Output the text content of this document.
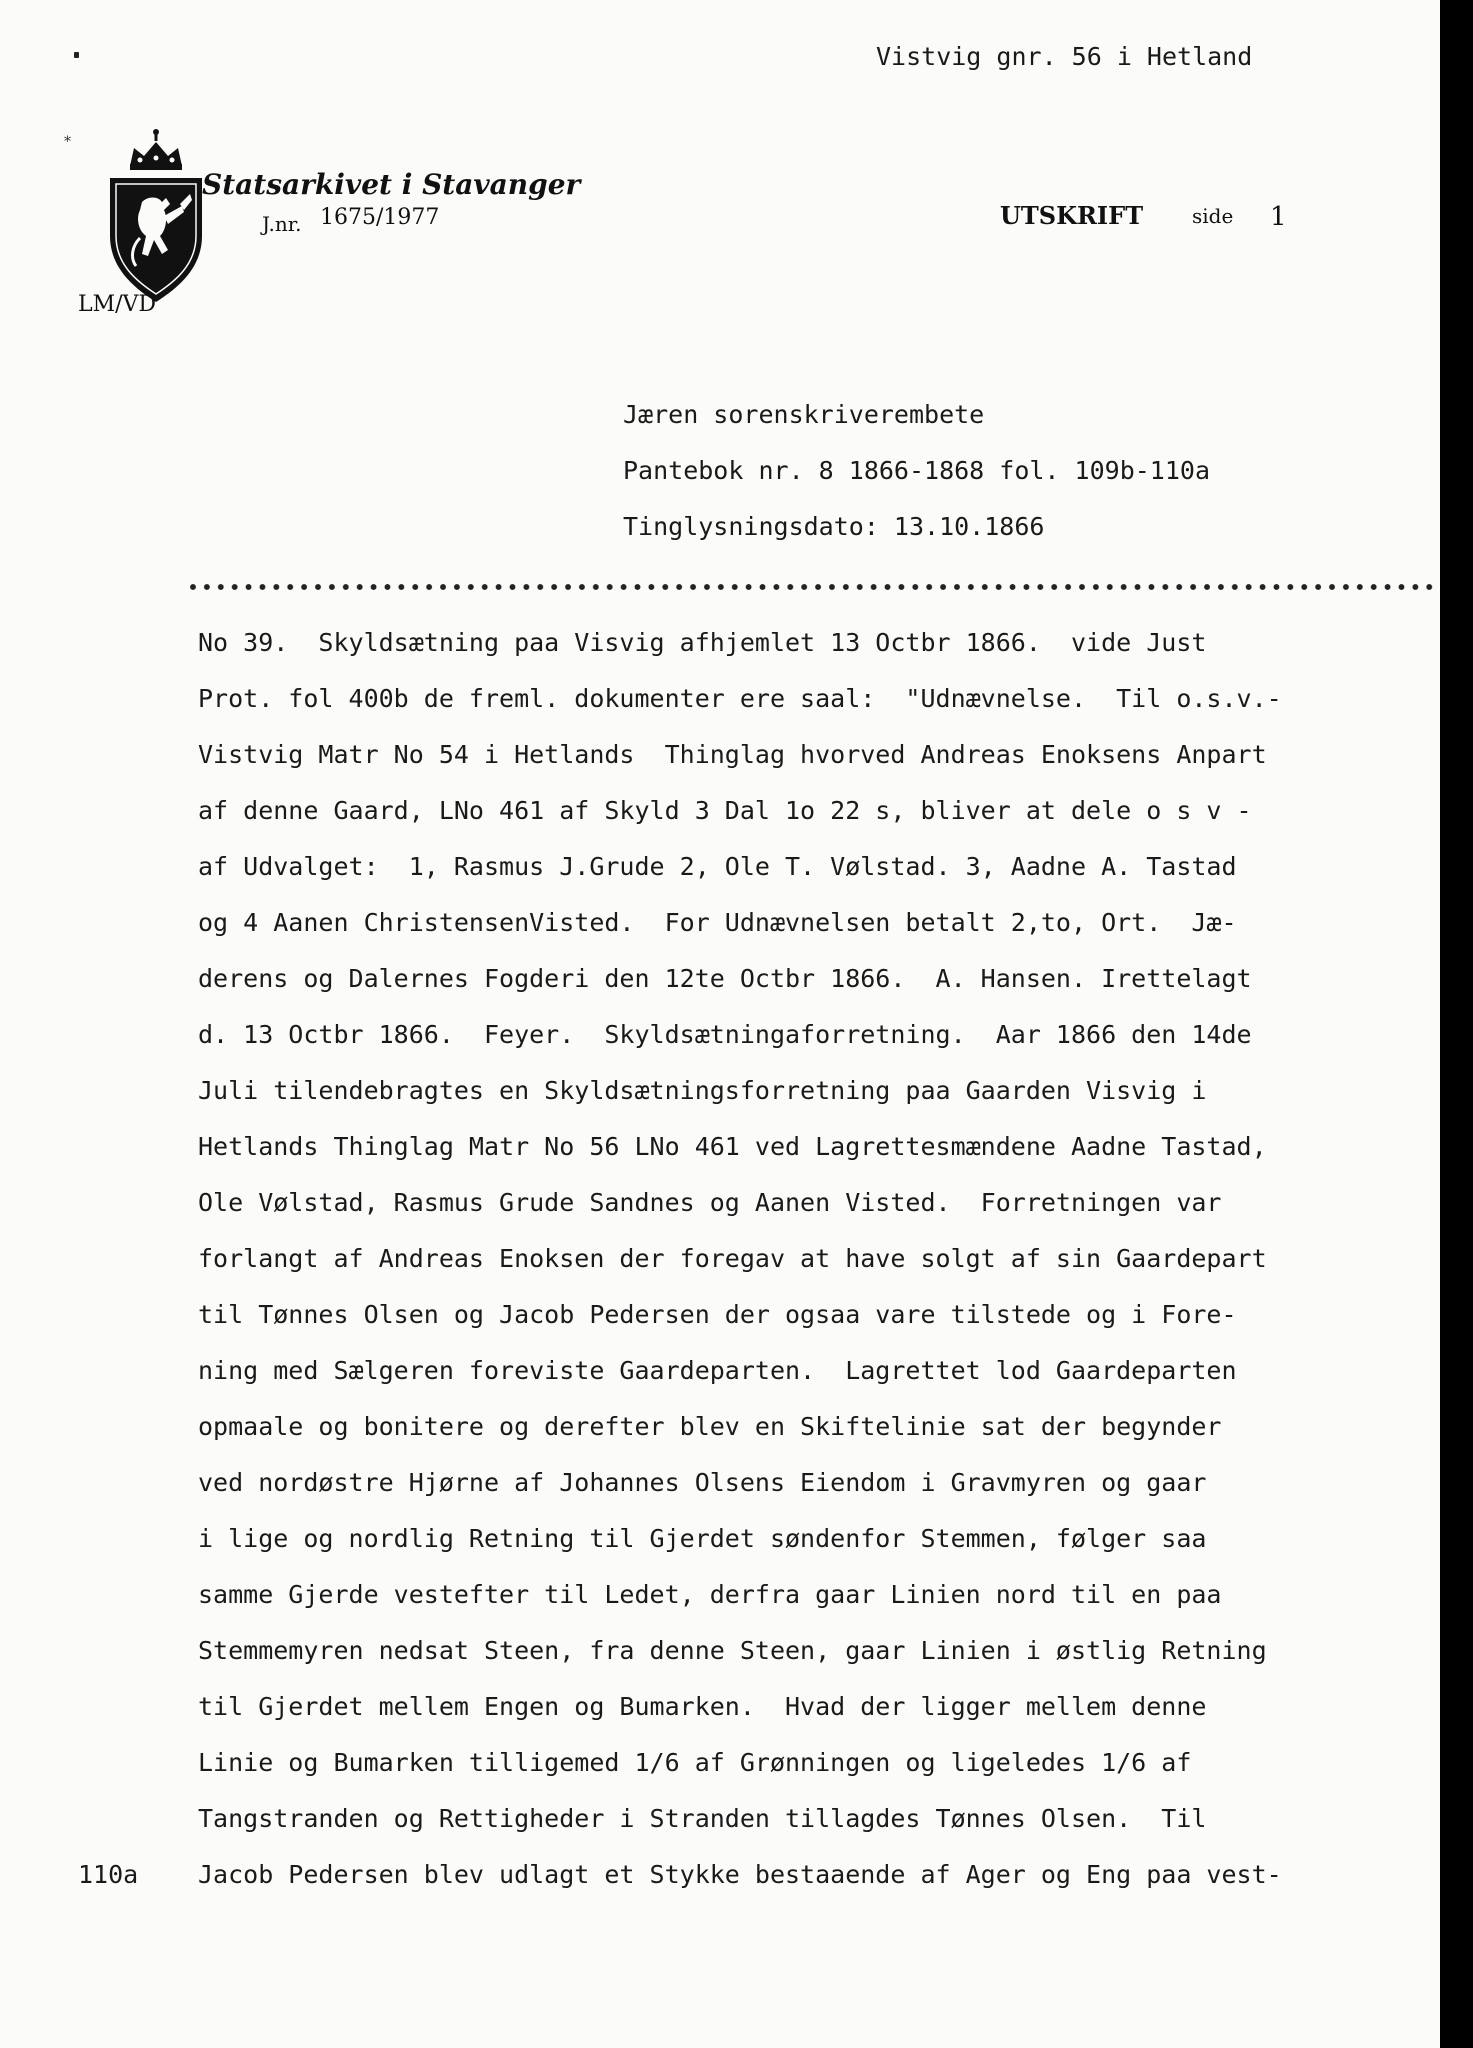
*
Vistvig gnr. 56 i Hetland

Statsarkivet i Stavanger
J.nr. 1675/1977
LM/VD
UTSKRIFT side 1
Jæren sorenskriverembete
Pantebok nr. 8 1866-1868 fol. 109b-110a
Tinglysningsdato: 13.10.1866
No 39.  Skyldsætning paa Visvig afhjemlet 13 Octbr 1866.  vide Just
Prot. fol 400b de freml. dokumenter ere saal:  "Udnævnelse.  Til o.s.v.-
Vistvig Matr No 54 i Hetlands  Thinglag hvorved Andreas Enoksens Anpart
af denne Gaard, LNo 461 af Skyld 3 Dal 1o 22 s, bliver at dele o s v -
af Udvalget:  1, Rasmus J.Grude 2, Ole T. Vølstad. 3, Aadne A. Tastad
og 4 Aanen ChristensenVisted.  For Udnævnelsen betalt 2,to, Ort.  Jæ-
derens og Dalernes Fogderi den 12te Octbr 1866.  A. Hansen. Irettelagt
d. 13 Octbr 1866.  Feyer.  Skyldsætningaforretning.  Aar 1866 den 14de
Juli tilendebragtes en Skyldsætningsforretning paa Gaarden Visvig i
Hetlands Thinglag Matr No 56 LNo 461 ved Lagrettesmændene Aadne Tastad,
Ole Vølstad, Rasmus Grude Sandnes og Aanen Visted.  Forretningen var
forlangt af Andreas Enoksen der foregav at have solgt af sin Gaardepart
til Tønnes Olsen og Jacob Pedersen der ogsaa vare tilstede og i Fore-
ning med Sælgeren foreviste Gaardeparten.  Lagrettet lod Gaardeparten
opmaale og bonitere og derefter blev en Skiftelinie sat der begynder
ved nordøstre Hjørne af Johannes Olsens Eiendom i Gravmyren og gaar
i lige og nordlig Retning til Gjerdet søndenfor Stemmen, følger saa
samme Gjerde vestefter til Ledet, derfra gaar Linien nord til en paa
Stemmemyren nedsat Steen, fra denne Steen, gaar Linien i østlig Retning
til Gjerdet mellem Engen og Bumarken.  Hvad der ligger mellem denne
Linie og Bumarken tilligemed 1/6 af Grønningen og ligeledes 1/6 af
Tangstranden og Rettigheder i Stranden tillagdes Tønnes Olsen.  Til
Jacob Pedersen blev udlagt et Stykke bestaaende af Ager og Eng paa vest-
110a
